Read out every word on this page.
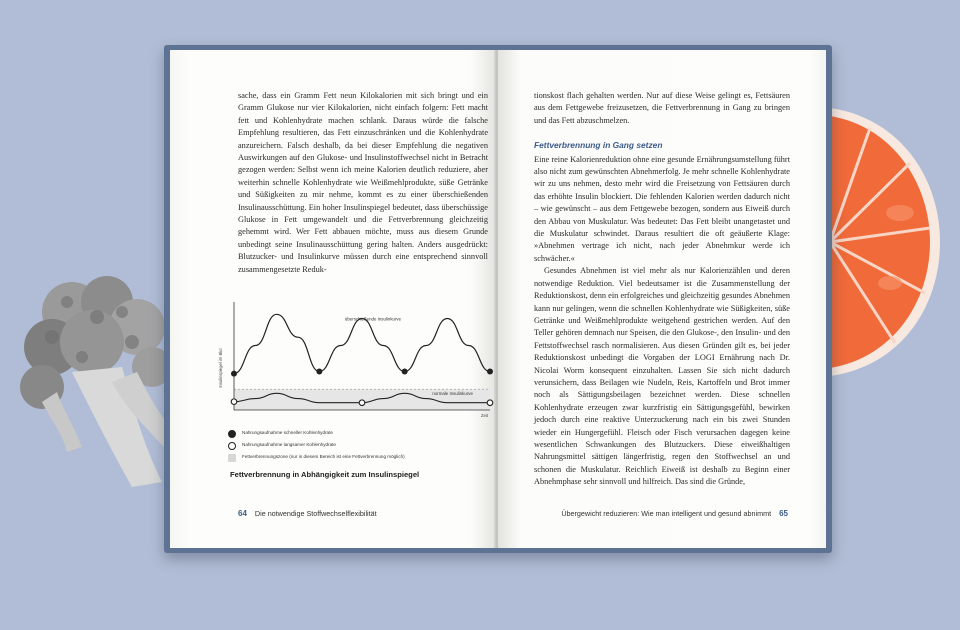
sache, dass ein Gramm Fett neun Kilokalorien mit sich bringt und ein Gramm Glukose nur vier Kilokalorien, nicht einfach folgern: Fett macht fett und Kohlenhydrate machen schlank. Daraus würde die falsche Empfehlung resultieren, das Fett einzuschränken und die Kohlenhydrate anzureichern. Falsch deshalb, da bei dieser Empfehlung die negativen Auswirkungen auf den Glukose- und Insulinstoffwechsel nicht in Betracht gezogen werden: Selbst wenn ich meine Kalorien deutlich reduziere, aber weiterhin schnelle Kohlenhydrate wie Weißmehlprodukte, süße Getränke und Süßigkeiten zu mir nehme, kommt es zu einer überschießenden Insulinausschüttung. Ein hoher Insulinspiegel bedeutet, dass überschüssige Glukose in Fett umgewandelt und die Fettverbrennung gleichzeitig gehemmt wird. Wer Fett abbauen möchte, muss aus diesem Grunde unbedingt seine Insulinausschüttung gering halten. Anders ausgedrückt: Blutzucker- und Insulinkurve müssen durch eine entsprechend sinnvoll zusammengesetzte Reduk-

Insulinspiegel im Blut
Zeit
überschießende Insulinkurve
normale Insulinkurve
Nahrungsaufnahme schneller Kohlenhydrate
Nahrungsaufnahme langsamer Kohlenhydrate
Fettverbrennungszone (nur in diesem Bereich ist eine Fettverbrennung möglich)
Fettverbrennung in Abhängigkeit zum Insulinspiegel
64 Die notwendige Stoffwechselflexibilität

tionskost flach gehalten werden. Nur auf diese Weise gelingt es, Fettsäuren aus dem Fettgewebe freizusetzen, die Fettverbrennung in Gang zu bringen und das Fett abzuschmelzen.

Fettverbrennung in Gang setzen

Eine reine Kalorienreduktion ohne eine gesunde Ernährungsumstellung führt also nicht zum gewünschten Abnehmerfolg. Je mehr schnelle Kohlenhydrate wir zu uns nehmen, desto mehr wird die Freisetzung von Fettsäuren durch das erhöhte Insulin blockiert. Die fehlenden Kalorien werden dadurch nicht – wie gewünscht – aus dem Fettgewebe bezogen, sondern aus Eiweiß durch den Abbau von Muskulatur. Was bedeutet: Das Fett bleibt unangetastet und die Muskulatur schwindet. Daraus resultiert die oft geäußerte Klage: »Abnehmen vertrage ich nicht, nach jeder Abnehmkur werde ich schwächer.«

Gesundes Abnehmen ist viel mehr als nur Kalorienzählen und deren notwendige Reduktion. Viel bedeutsamer ist die Zusammenstellung der Reduktionskost, denn ein erfolgreiches und gleichzeitig gesundes Abnehmen kann nur gelingen, wenn die schnellen Kohlenhydrate wie Süßigkeiten, süße Getränke und Weißmehlprodukte weitgehend gestrichen werden. Auf den Teller gehören demnach nur Speisen, die den Glukose-, den Insulin- und den Fettstoffwechsel rasch normalisieren. Aus diesen Gründen gilt es, bei jeder Reduktionskost unbedingt die Vorgaben der LOGI Ernährung nach Dr. Nicolai Worm konsequent einzuhalten. Lassen Sie sich nicht dadurch verunsichern, dass Beilagen wie Nudeln, Reis, Kartoffeln und Brot immer noch als Sättigungsbeilagen bezeichnet werden. Diese schnellen Kohlenhydrate erzeugen zwar kurzfristig ein Sättigungsgefühl, bewirken jedoch durch eine reaktive Unterzuckerung nach ein bis zwei Stunden wieder ein Hungergefühl. Fleisch oder Fisch verursachen dagegen keine wesentlichen Schwankungen des Blutzuckers. Diese eiweißhaltigen Nahrungsmittel sättigen längerfristig, regen den Stoffwechsel an und schonen die Muskulatur. Reichlich Eiweiß ist deshalb zu Beginn einer Abnehmphase sehr sinnvoll und hilfreich. Das sind die Gründe,

Übergewicht reduzieren: Wie man intelligent und gesund abnimmt 65
